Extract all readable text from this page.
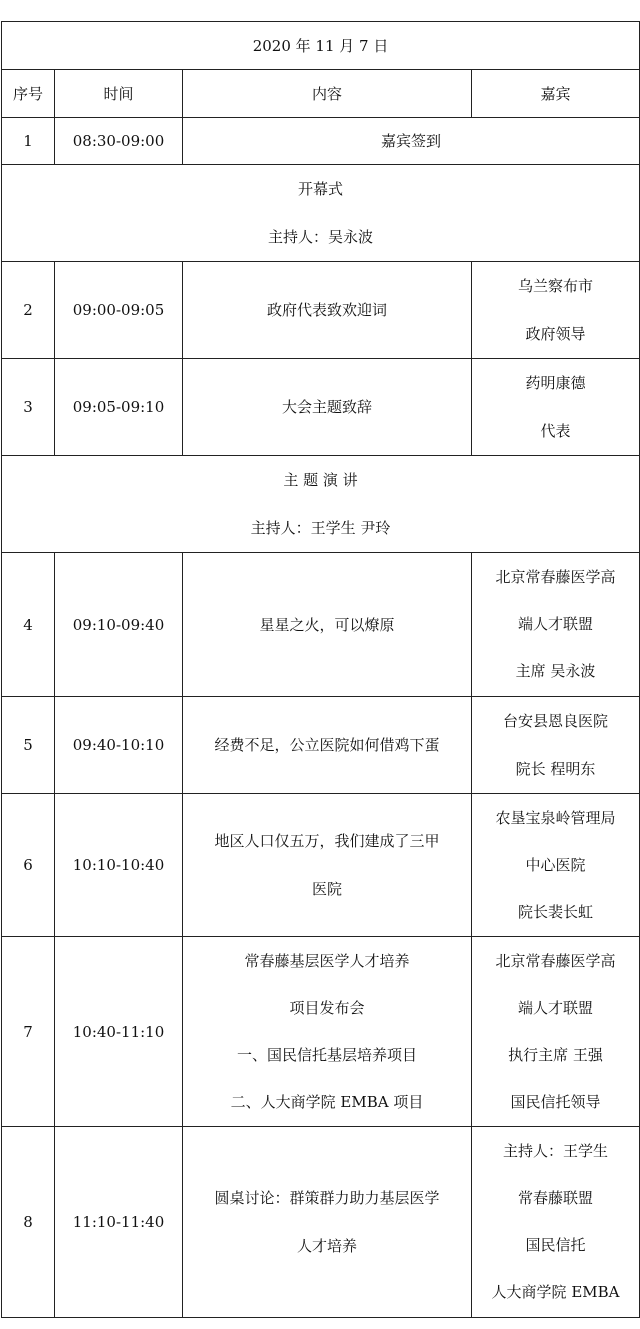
2020 年 11 月 7 日			
序号	时间	内容	嘉宾
1	08:30-09:00	嘉宾签到	

开幕式
主持人：吴永波			

2	09:00-09:05	政府代表致欢迎词	乌兰察布市
政府领导

3	09:05-09:10	大会主题致辞	药明康德
代表

主 题 演 讲
主持人：王学生 尹玲			

4	09:10-09:40	星星之火，可以燎原	北京常春藤医学高
端人才联盟
主席 吴永波

5	09:40-10:10	经费不足，公立医院如何借鸡下蛋	台安县恩良医院
院长 程明东

6	10:10-10:40	地区人口仅五万，我们建成了三甲
医院	农垦宝泉岭管理局
中心医院
院长裴长虹

7	10:40-11:10	常春藤基层医学人才培养
项目发布会
一、国民信托基层培养项目
二、人大商学院 EMBA 项目	北京常春藤医学高
端人才联盟
执行主席 王强
国民信托领导

8	11:10-11:40	圆桌讨论：群策群力助力基层医学
人才培养	主持人：王学生
常春藤联盟
国民信托
人大商学院 EMBA
